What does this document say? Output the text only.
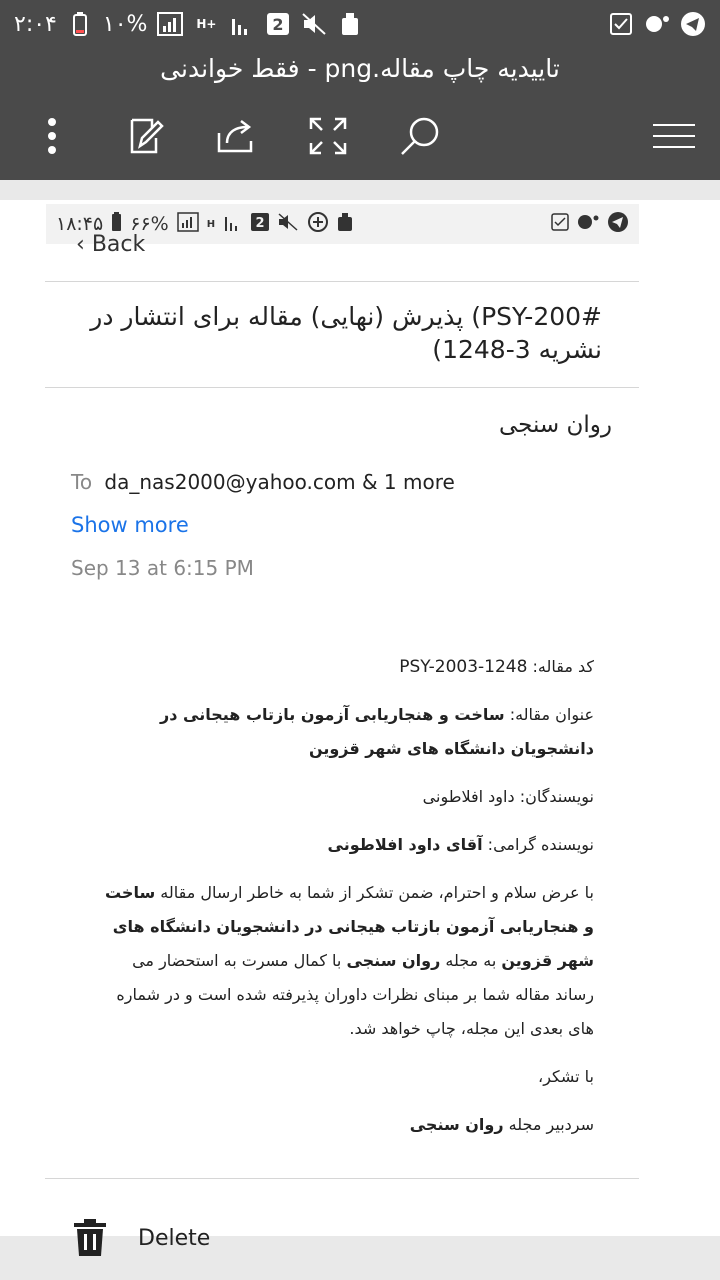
۲:۰۴ ۱۰%	H+	2
تاییدیه چاپ مقاله.png - فقط خواندنی
۱۸:۴۵ ۶۶%	H	2
‹ Back
PSY-200#) پذیرش (نهایی) مقاله برای انتشار در نشریه 3-1248)
روان سنجی
To da_nas2000@yahoo.com & 1 more
Show more
Sep 13 at 6:15 PM

کد مقاله: PSY-2003-1248

عنوان مقاله: ساخت و هنجاریابی آزمون بازتاب هیجانی در دانشجویان دانشگاه های شهر قزوین

نویسندگان: داود افلاطونی

نویسنده گرامی: آقای داود افلاطونی

با عرض سلام و احترام، ضمن تشکر از شما به خاطر ارسال مقاله ساخت و هنجاریابی آزمون بازتاب هیجانی در دانشجویان دانشگاه های شهر قزوین به مجله روان سنجی با کمال مسرت به استحضار می رساند مقاله شما بر مبنای نظرات داوران پذیرفته شده است و در شماره های بعدی این مجله، چاپ خواهد شد.

با تشکر،

سردبیر مجله روان سنجی

Delete
